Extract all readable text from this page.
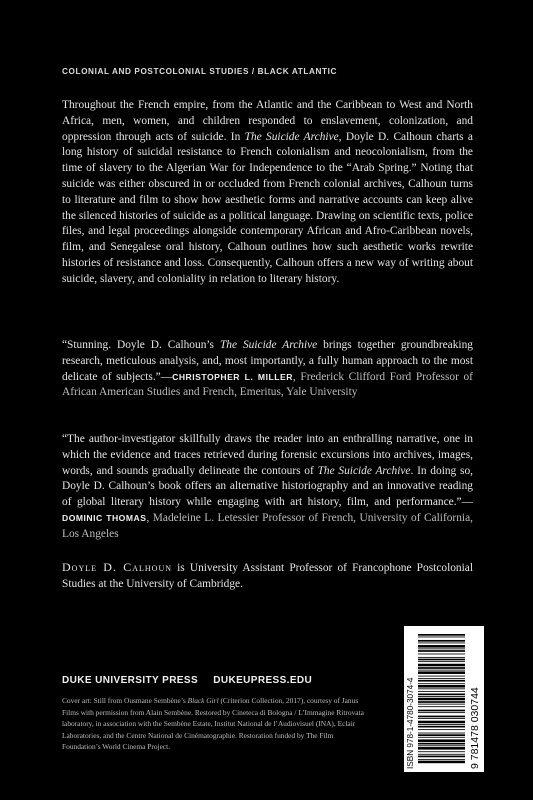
COLONIAL AND POSTCOLONIAL STUDIES / BLACK ATLANTIC

Throughout the French empire, from the Atlantic and the Caribbean to West and North Africa, men, women, and children responded to enslavement, colonization, and oppression through acts of suicide. In The Suicide Archive, Doyle D. Calhoun charts a long history of suicidal resistance to French colonialism and neocolonialism, from the time of slavery to the Algerian War for Independence to the “Arab Spring.” Noting that suicide was either obscured in or occluded from French colonial archives, Calhoun turns to literature and film to show how aesthetic forms and narrative accounts can keep alive the silenced histories of suicide as a political language. Drawing on scientific texts, police files, and legal proceedings alongside contemporary African and Afro-Caribbean novels, film, and Senegalese oral history, Calhoun outlines how such aesthetic works rewrite histories of resistance and loss. Consequently, Calhoun offers a new way of writing about suicide, slavery, and coloniality in relation to literary history.

“Stunning. Doyle D. Calhoun’s The Suicide Archive brings together groundbreaking research, meticulous analysis, and, most importantly, a fully human approach to the most delicate of subjects.”—CHRISTOPHER L. MILLER, Frederick Clifford Ford Professor of African American Studies and French, Emeritus, Yale University

“The author-investigator skillfully draws the reader into an enthralling narrative, one in which the evidence and traces retrieved during forensic excursions into archives, images, words, and sounds gradually delineate the contours of The Suicide Archive. In doing so, Doyle D. Calhoun’s book offers an alternative historiography and an innovative reading of global literary history while engaging with art history, film, and performance.”—DOMINIC THOMAS, Madeleine L. Letessier Professor of French, University of California, Los Angeles

Doyle D. Calhoun is University Assistant Professor of Francophone Postcolonial Studies at the University of Cambridge.

DUKE UNIVERSITY PRESS DUKEUPRESS.EDU
Cover art: Still from Ousmane Sembène’s Black Girl (Criterion Collection, 2017), courtesy of Janus Films with permission from Alain Sembène. Restored by Cineteca di Bologna / L’Immagine Ritrovata laboratory, in association with the Sembène Estate, Institut National de l’Audiovisuel (INA), Eclair Laboratories, and the Centre National de Cinématographie. Restoration funded by The Film Foundation’s World Cinema Project.	ISBN 978-1-4780-3074-4	9 781478 030744
